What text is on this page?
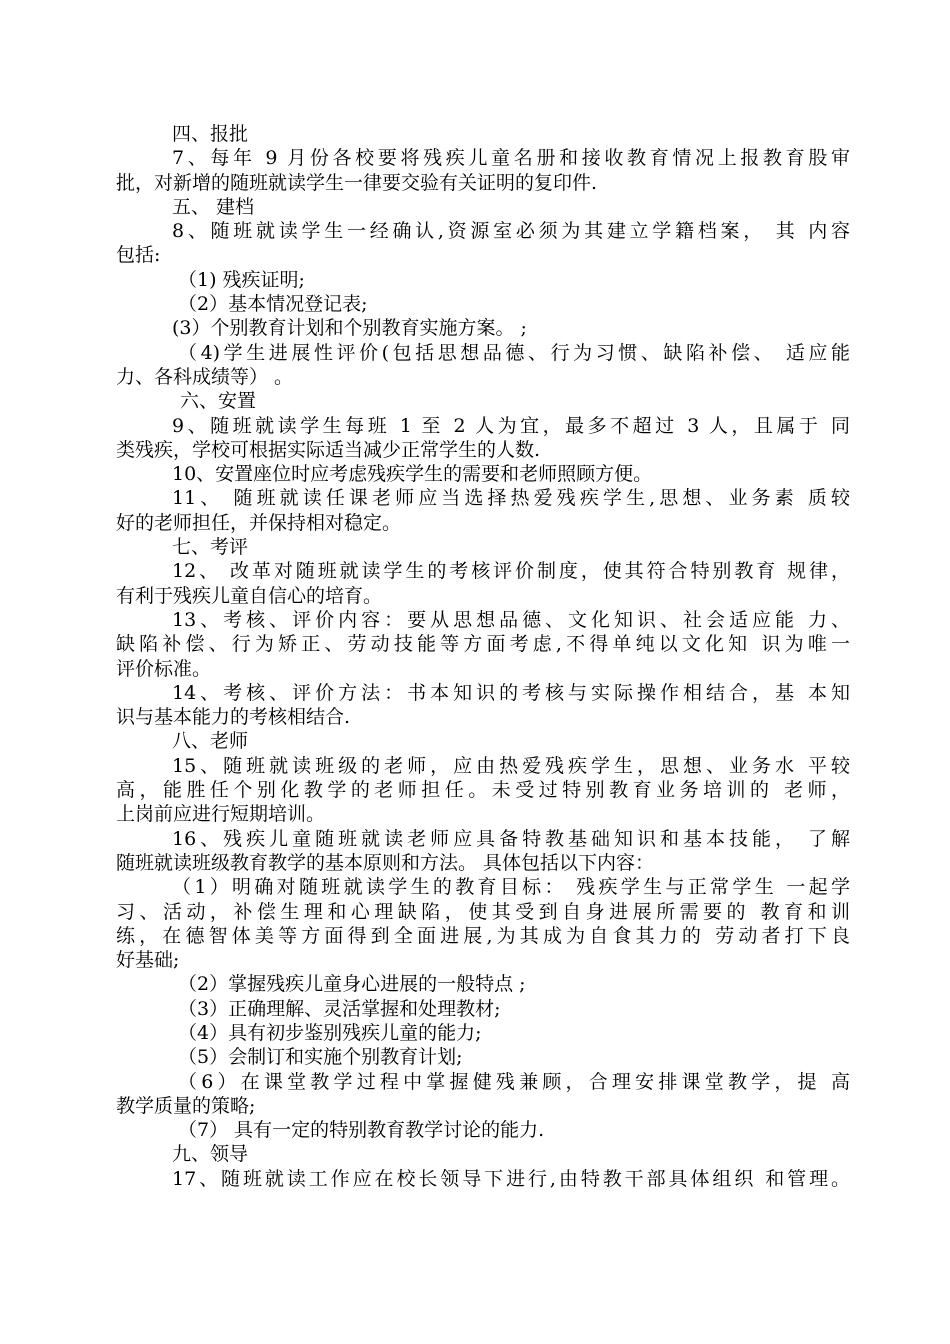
四、报批
7、每年 9 月份各校要将残疾儿童名册和接收教育情况上报教育股审
批，对新增的随班就读学生一律要交验有关证明的复印件.
五、 建档
8、随班就读学生一经确认,资源室必须为其建立学籍档案， 其 内容
包括:
（1) 残疾证明;
（2）基本情况登记表;
(3）个别教育计划和个别教育实施方案。 ;
（4)学生进展性评价(包括思想品德、行为习惯、缺陷补偿、 适应能
力、各科成绩等） 。
六、安置
9、随班就读学生每班 1 至 2 人为宜，最多不超过 3 人，且属于 同
类残疾，学校可根据实际适当减少正常学生的人数.
10、安置座位时应考虑残疾学生的需要和老师照顾方便。
11、 随班就读任课老师应当选择热爱残疾学生,思想、业务素 质较
好的老师担任，并保持相对稳定。
七、考评
12、 改革对随班就读学生的考核评价制度，使其符合特别教育 规律，
有利于残疾儿童自信心的培育。
13、考核、评价内容：要从思想品德、文化知识、社会适应能 力、
缺陷补偿、行为矫正、劳动技能等方面考虑,不得单纯以文化知 识为唯一
评价标准。
14、考核、评价方法：书本知识的考核与实际操作相结合，基 本知
识与基本能力的考核相结合.
八、老师
15、随班就读班级的老师，应由热爱残疾学生，思想、业务水 平较
高，能胜任个别化教学的老师担任。未受过特别教育业务培训的 老师，
上岗前应进行短期培训。
16、残疾儿童随班就读老师应具备特教基础知识和基本技能， 了解
随班就读班级教育教学的基本原则和方法。 具体包括以下内容：
（1）明确对随班就读学生的教育目标： 残疾学生与正常学生 一起学
习、活动，补偿生理和心理缺陷，使其受到自身进展所需要的 教育和训
练，在德智体美等方面得到全面进展,为其成为自食其力的 劳动者打下良
好基础;
（2）掌握残疾儿童身心进展的一般特点 ;
（3）正确理解、灵活掌握和处理教材;
（4）具有初步鉴别残疾儿童的能力;
（5）会制订和实施个别教育计划;
（6）在课堂教学过程中掌握健残兼顾，合理安排课堂教学，提 高
教学质量的策略;
（7） 具有一定的特别教育教学讨论的能力.
九、领导
17、随班就读工作应在校长领导下进行,由特教干部具体组织 和管理。
